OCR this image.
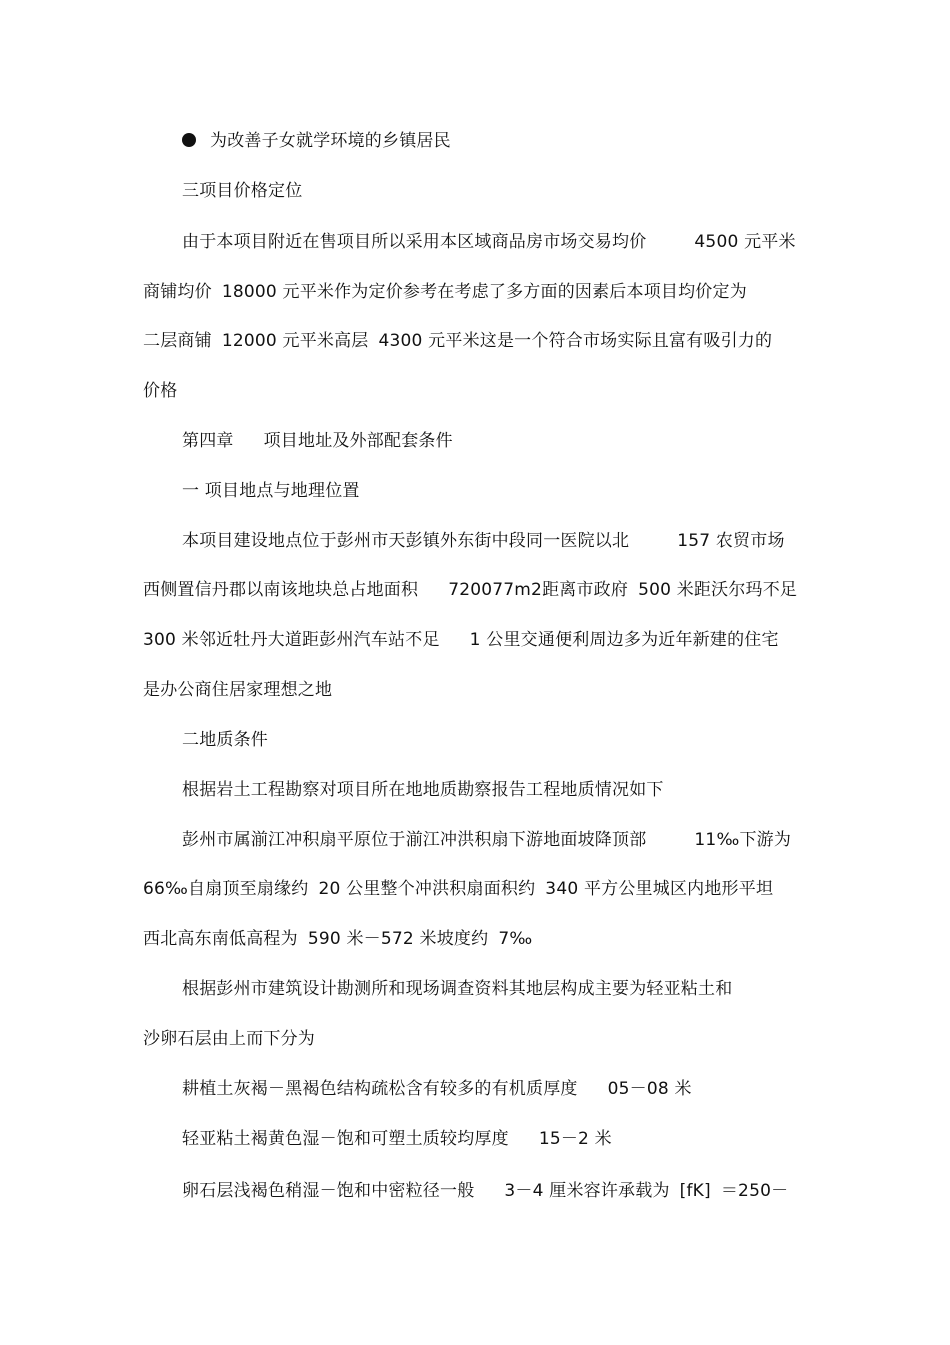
为改善子女就学环境的乡镇居民
三项目价格定位
由于本项目附近在售项目所以采用本区域商品房市场交易均价	4500 元平米
商铺均价 18000 元平米作为定价参考在考虑了多方面的因素后本项目均价定为
二层商铺 12000 元平米高层 4300 元平米这是一个符合市场实际且富有吸引力的
价格
第四章 项目地址及外部配套条件
一 项目地点与地理位置
本项目建设地点位于彭州市天彭镇外东街中段同一医院以北	157 农贸市场
西侧置信丹郡以南该地块总占地面积 720077m2距离市政府 500 米距沃尔玛不足
300 米邻近牡丹大道距彭州汽车站不足 1 公里交通便利周边多为近年新建的住宅
是办公商住居家理想之地
二地质条件
根据岩土工程勘察对项目所在地地质勘察报告工程地质情况如下
彭州市属湔江冲积扇平原位于湔江冲洪积扇下游地面坡降顶部	11‰下游为
66‰自扇顶至扇缘约 20 公里整个冲洪积扇面积约 340 平方公里城区内地形平坦
西北高东南低高程为 590 米－572 米坡度约 7‰
根据彭州市建筑设计勘测所和现场调查资料其地层构成主要为轻亚粘土和
沙卵石层由上而下分为
耕植土灰褐－黑褐色结构疏松含有较多的有机质厚度 05－08 米
轻亚粘土褐黄色湿－饱和可塑土质较均厚度 15－2 米
卵石层浅褐色稍湿－饱和中密粒径一般 3－4 厘米容许承载为 [fK] ＝250－
